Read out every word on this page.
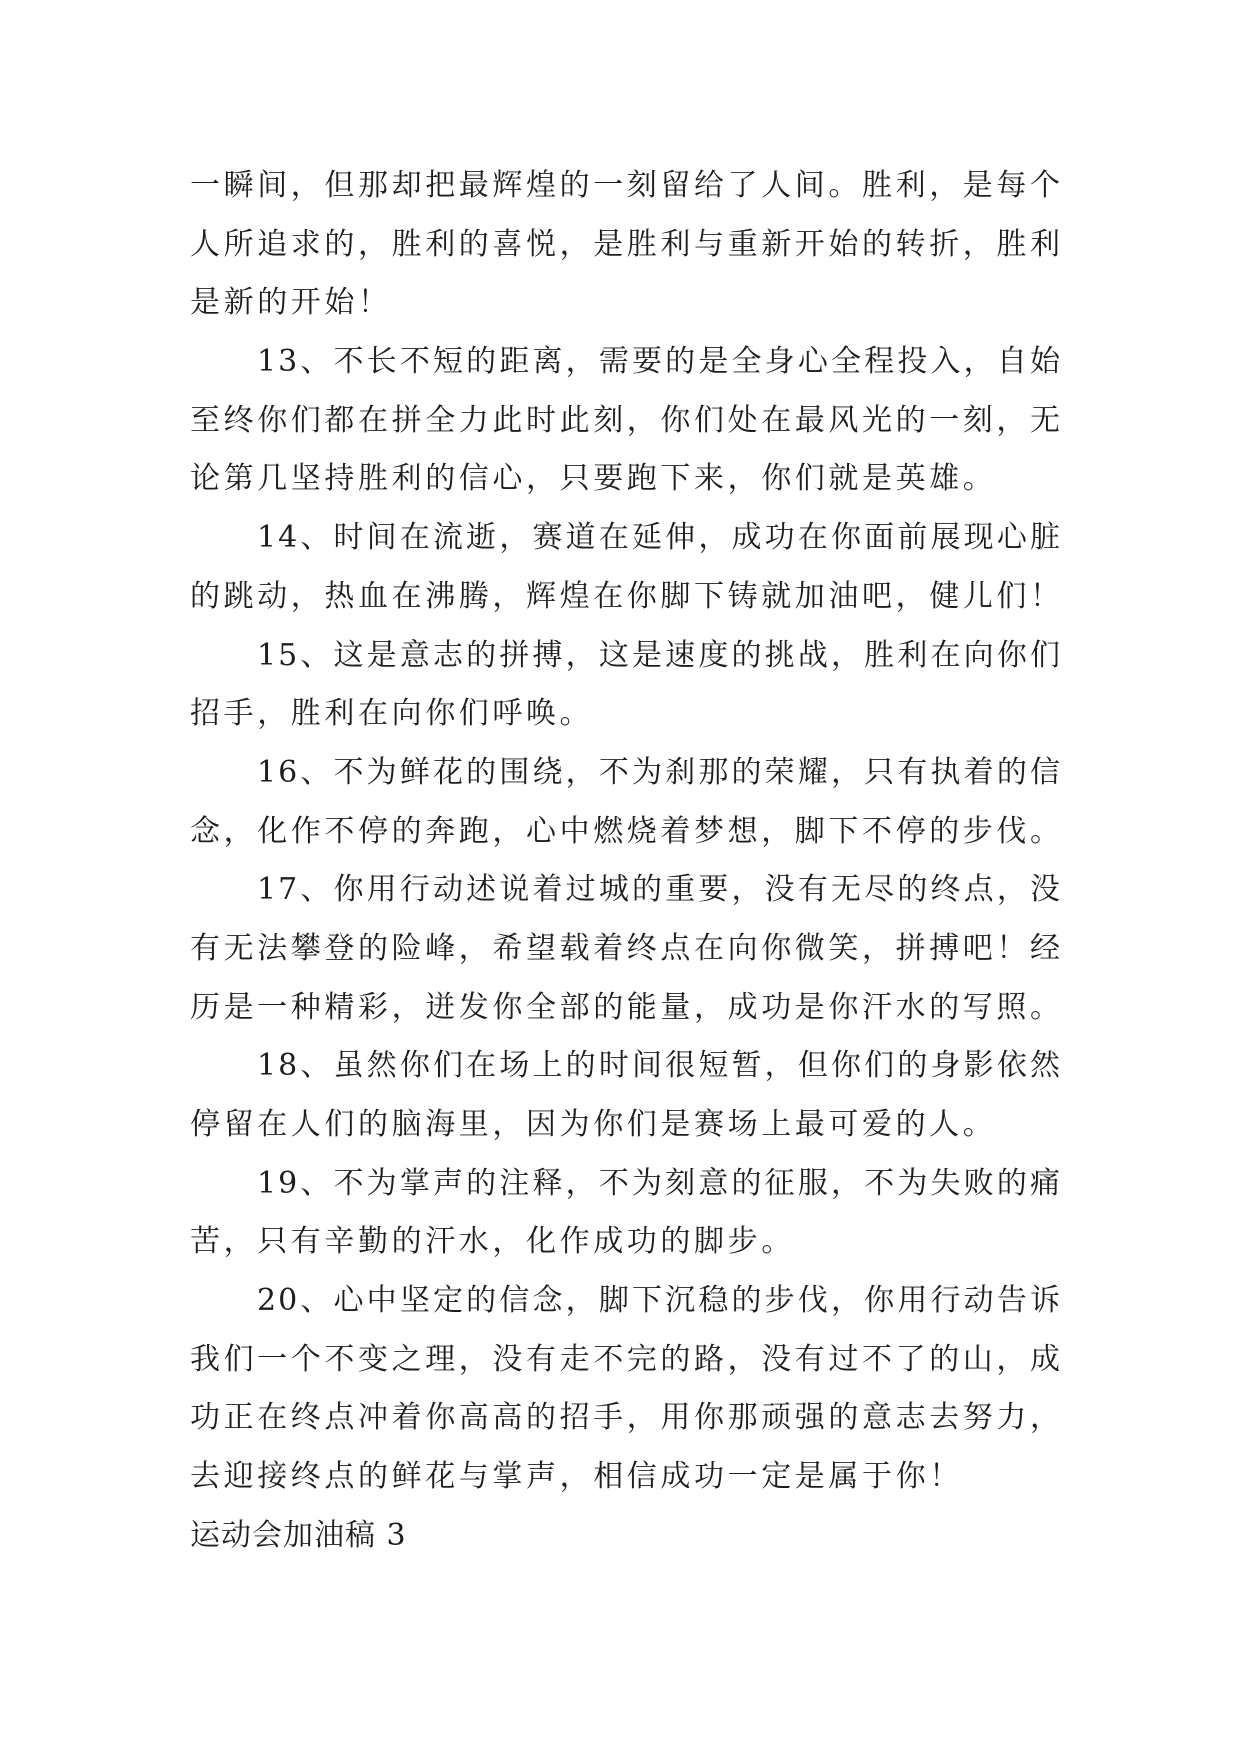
一瞬间，但那却把最辉煌的一刻留给了人间。胜利，是每个
人所追求的，胜利的喜悦，是胜利与重新开始的转折，胜利
是新的开始！
13、不长不短的距离，需要的是全身心全程投入，自始
至终你们都在拼全力此时此刻，你们处在最风光的一刻，无
论第几坚持胜利的信心，只要跑下来，你们就是英雄。
14、时间在流逝，赛道在延伸，成功在你面前展现心脏
的跳动，热血在沸腾，辉煌在你脚下铸就加油吧，健儿们！
15、这是意志的拼搏，这是速度的挑战，胜利在向你们
招手，胜利在向你们呼唤。
16、不为鲜花的围绕，不为刹那的荣耀，只有执着的信
念，化作不停的奔跑，心中燃烧着梦想，脚下不停的步伐。
17、你用行动述说着过城的重要，没有无尽的终点，没
有无法攀登的险峰，希望载着终点在向你微笑，拼搏吧！经
历是一种精彩，迸发你全部的能量，成功是你汗水的写照。
18、虽然你们在场上的时间很短暂，但你们的身影依然
停留在人们的脑海里，因为你们是赛场上最可爱的人。
19、不为掌声的注释，不为刻意的征服，不为失败的痛
苦，只有辛勤的汗水，化作成功的脚步。
20、心中坚定的信念，脚下沉稳的步伐，你用行动告诉
我们一个不变之理，没有走不完的路，没有过不了的山，成
功正在终点冲着你高高的招手，用你那顽强的意志去努力，
去迎接终点的鲜花与掌声，相信成功一定是属于你！
运动会加油稿 3
